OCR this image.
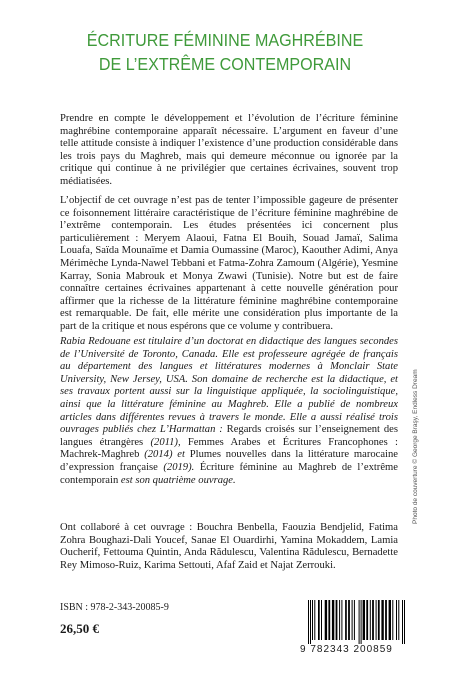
ÉCRITURE FÉMININE MAGHRÉBINE
DE L’EXTRÊME CONTEMPORAIN

Prendre en compte le développement et l’évolution de l’écriture féminine maghrébine contemporaine apparaît nécessaire. L’argument en faveur d’une telle attitude consiste à indiquer l’existence d’une production considérable dans les trois pays du Maghreb, mais qui demeure méconnue ou ignorée par la critique qui continue à ne privilégier que certaines écrivaines, souvent trop médiatisées.

L’objectif de cet ouvrage n’est pas de tenter l’impossible gageure de présenter ce foisonnement littéraire caractéristique de l’écriture féminine maghrébine de l’extrême contemporain. Les études présentées ici concernent plus particulièrement : Meryem Alaoui, Fatna El Bouih, Souad Jamaï, Salima Louafa, Saïda Mounaïme et Damia Oumassine (Maroc), Kaouther Adimi, Anya Mérimèche Lynda-Nawel Tebbani et Fatma-Zohra Zamoum (Algérie), Yesmine Karray, Sonia Mabrouk et Monya Zwawi (Tunisie). Notre but est de faire connaître certaines écrivaines appartenant à cette nouvelle génération pour affirmer que la richesse de la littérature féminine maghrébine contemporaine est remarquable. De fait, elle mérite une considération plus importante de la part de la critique et nous espérons que ce volume y contribuera.

Rabia Redouane est titulaire d’un doctorat en didactique des langues secondes de l’Université de Toronto, Canada. Elle est professeure agrégée de français au département des langues et littératures modernes à Monclair State University, New Jersey, USA. Son domaine de recherche est la didactique, et ses travaux portent aussi sur la linguistique appliquée, la sociolinguistique, ainsi que la littérature féminine au Maghreb. Elle a publié de nombreux articles dans différentes revues à travers le monde. Elle a aussi réalisé trois ouvrages publiés chez L’Harmattan : Regards croisés sur l’enseignement des langues étrangères (2011), Femmes Arabes et Écritures Francophones : Machrek-Maghreb (2014) et Plumes nouvelles dans la littérature marocaine d’expression française (2019). Écriture féminine au Maghreb de l’extrême contemporain est son quatrième ouvrage.

Ont collaboré à cet ouvrage : Bouchra Benbella, Faouzia Bendjelid, Fatima Zohra Boughazi-Dali Youcef, Sanae El Ouardirhi, Yamina Mokaddem, Lamia Oucherif, Fettouma Quintin, Anda Rădulescu, Valentina Rădulescu, Bernadette Rey Mimoso-Ruiz, Karima Settouti, Afaf Zaid et Najat Zerrouki.

Photo de couverture © George Braşy, Endless Dream
ISBN : 978-2-343-20085-9
26,50 €
9 782343 200859
